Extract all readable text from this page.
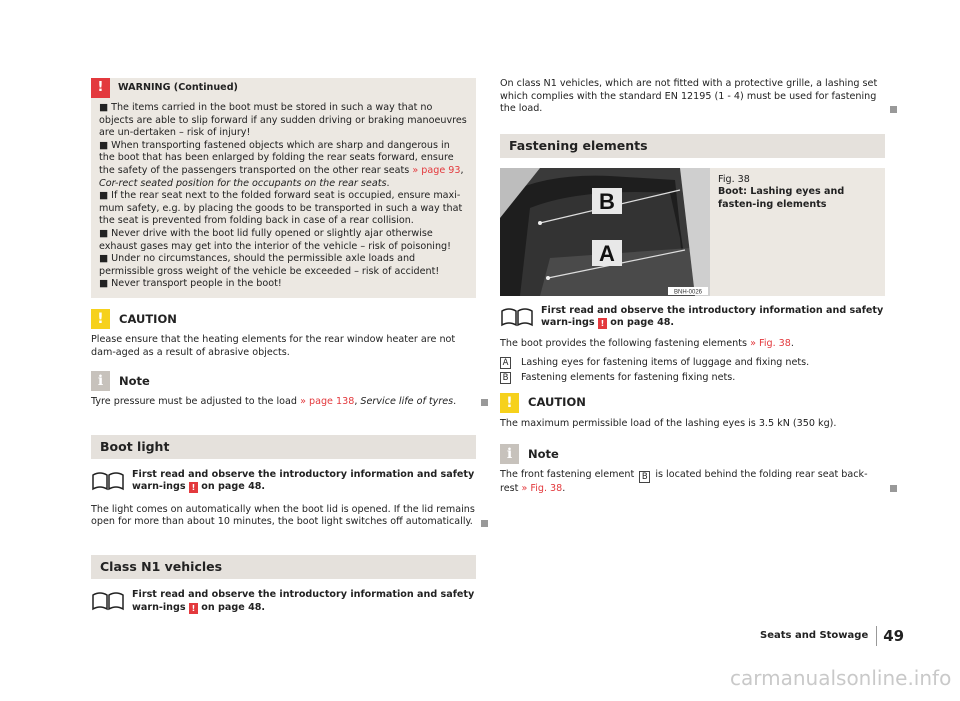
!	WARNING (Continued)

■ The items carried in the boot must be stored in such a way that no objects are able to slip forward if any sudden driving or braking manoeuvres are un-dertaken – risk of injury!

■ When transporting fastened objects which are sharp and dangerous in the boot that has been enlarged by folding the rear seats forward, ensure the safety of the passengers transported on the other rear seats » page 93, Cor-rect seated position for the occupants on the rear seats.

■ If the rear seat next to the folded forward seat is occupied, ensure maxi-mum safety, e.g. by placing the goods to be transported in such a way that the seat is prevented from folding back in case of a rear collision.

■ Never drive with the boot lid fully opened or slightly ajar otherwise exhaust gases may get into the interior of the vehicle – risk of poisoning!

■ Under no circumstances, should the permissible axle loads and permissible gross weight of the vehicle be exceeded – risk of accident!

■ Never transport people in the boot!

!	CAUTION

Please ensure that the heating elements for the rear window heater are not dam-aged as a result of abrasive objects.

i	Note

Tyre pressure must be adjusted to the load » page 138, Service life of tyres.

Boot light

First read and observe the introductory information and safety warn-ings ! on page 48.

The light comes on automatically when the boot lid is opened. If the lid remains open for more than about 10 minutes, the boot light switches off automatically.

Class N1 vehicles

First read and observe the introductory information and safety warn-ings ! on page 48.

On class N1 vehicles, which are not fitted with a protective grille, a lashing set which complies with the standard EN 12195 (1 - 4) must be used for fastening the load.

Fastening elements
B
A
BNH-0026
Fig. 38
Boot: Lashing eyes and fasten-ing elements

First read and observe the introductory information and safety warn-ings ! on page 48.

The boot provides the following fastening elements » Fig. 38.

A Lashing eyes for fastening items of luggage and fixing nets.
B Fastening elements for fastening fixing nets.
!	CAUTION

The maximum permissible load of the lashing eyes is 3.5 kN (350 kg).

i	Note

The front fastening element B is located behind the folding rear seat back-rest » Fig. 38.

Seats and Stowage 49
carmanualsonline.info
